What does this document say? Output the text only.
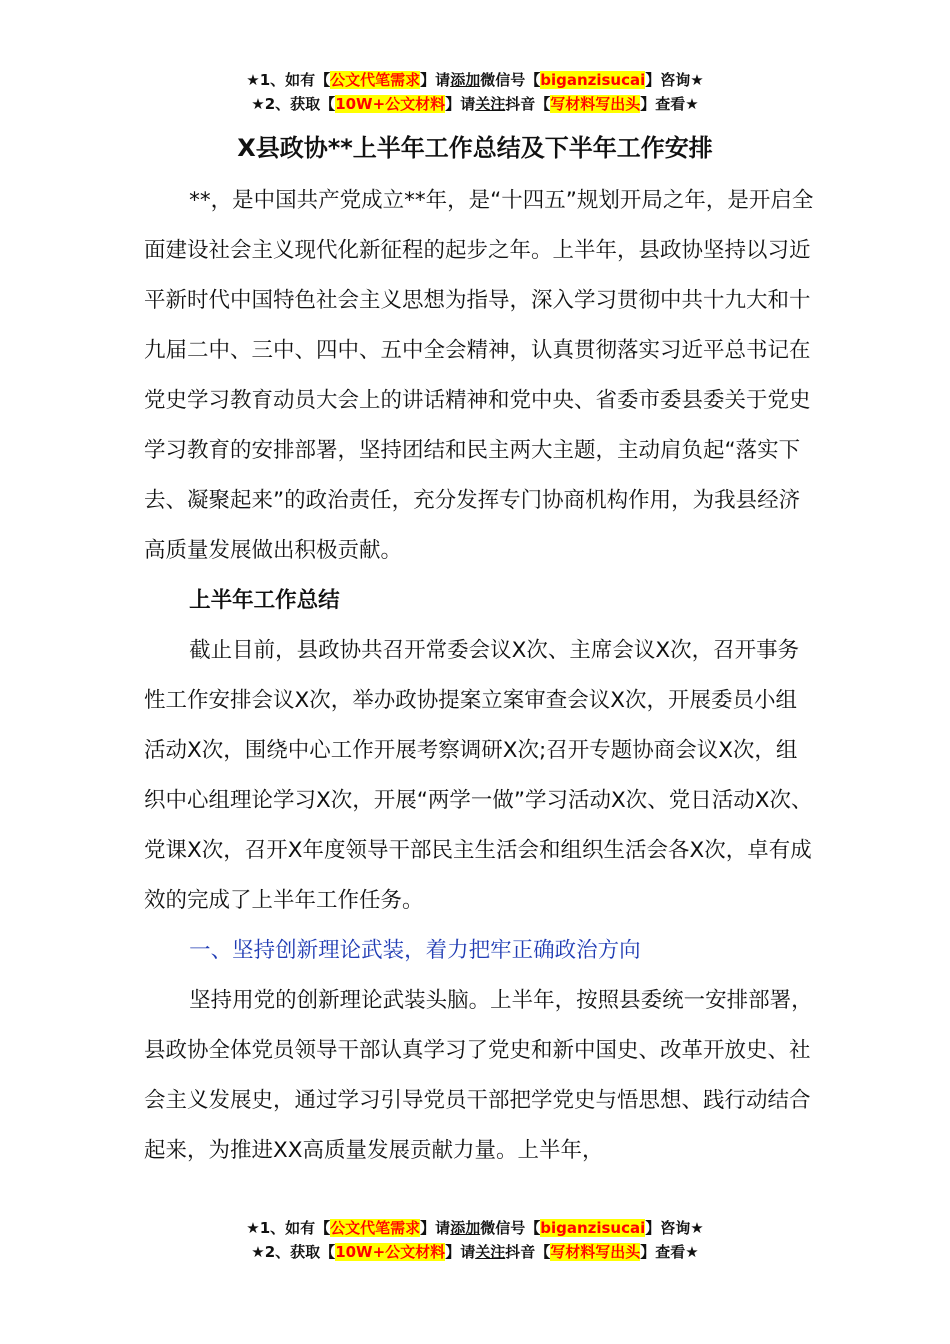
★1、如有【公文代笔需求】请添加微信号【biganzisucai】咨询★
★2、获取【10W+公文材料】请关注抖音【写材料写出头】查看★
X县政协**上半年工作总结及下半年工作安排

**，是中国共产党成立**年，是“十四五”规划开局之年，是开启全面建设社会主义现代化新征程的起步之年。上半年，县政协坚持以习近平新时代中国特色社会主义思想为指导，深入学习贯彻中共十九大和十九届二中、三中、四中、五中全会精神，认真贯彻落实习近平总书记在党史学习教育动员大会上的讲话精神和党中央、省委市委县委关于党史学习教育的安排部署，坚持团结和民主两大主题，主动肩负起“落实下去、凝聚起来”的政治责任，充分发挥专门协商机构作用，为我县经济高质量发展做出积极贡献。

上半年工作总结

截止目前，县政协共召开常委会议X次、主席会议X次，召开事务性工作安排会议X次，举办政协提案立案审查会议X次，开展委员小组活动X次，围绕中心工作开展考察调研X次;召开专题协商会议X次，组织中心组理论学习X次，开展“两学一做”学习活动X次、党日活动X次、党课X次，召开X年度领导干部民主生活会和组织生活会各X次，卓有成效的完成了上半年工作任务。

一、坚持创新理论武装，着力把牢正确政治方向

坚持用党的创新理论武装头脑。上半年，按照县委统一安排部署，县政协全体党员领导干部认真学习了党史和新中国史、改革开放史、社会主义发展史，通过学习引导党员干部把学党史与悟思想、践行动结合起来，为推进XX高质量发展贡献力量。上半年，

★1、如有【公文代笔需求】请添加微信号【biganzisucai】咨询★
★2、获取【10W+公文材料】请关注抖音【写材料写出头】查看★
